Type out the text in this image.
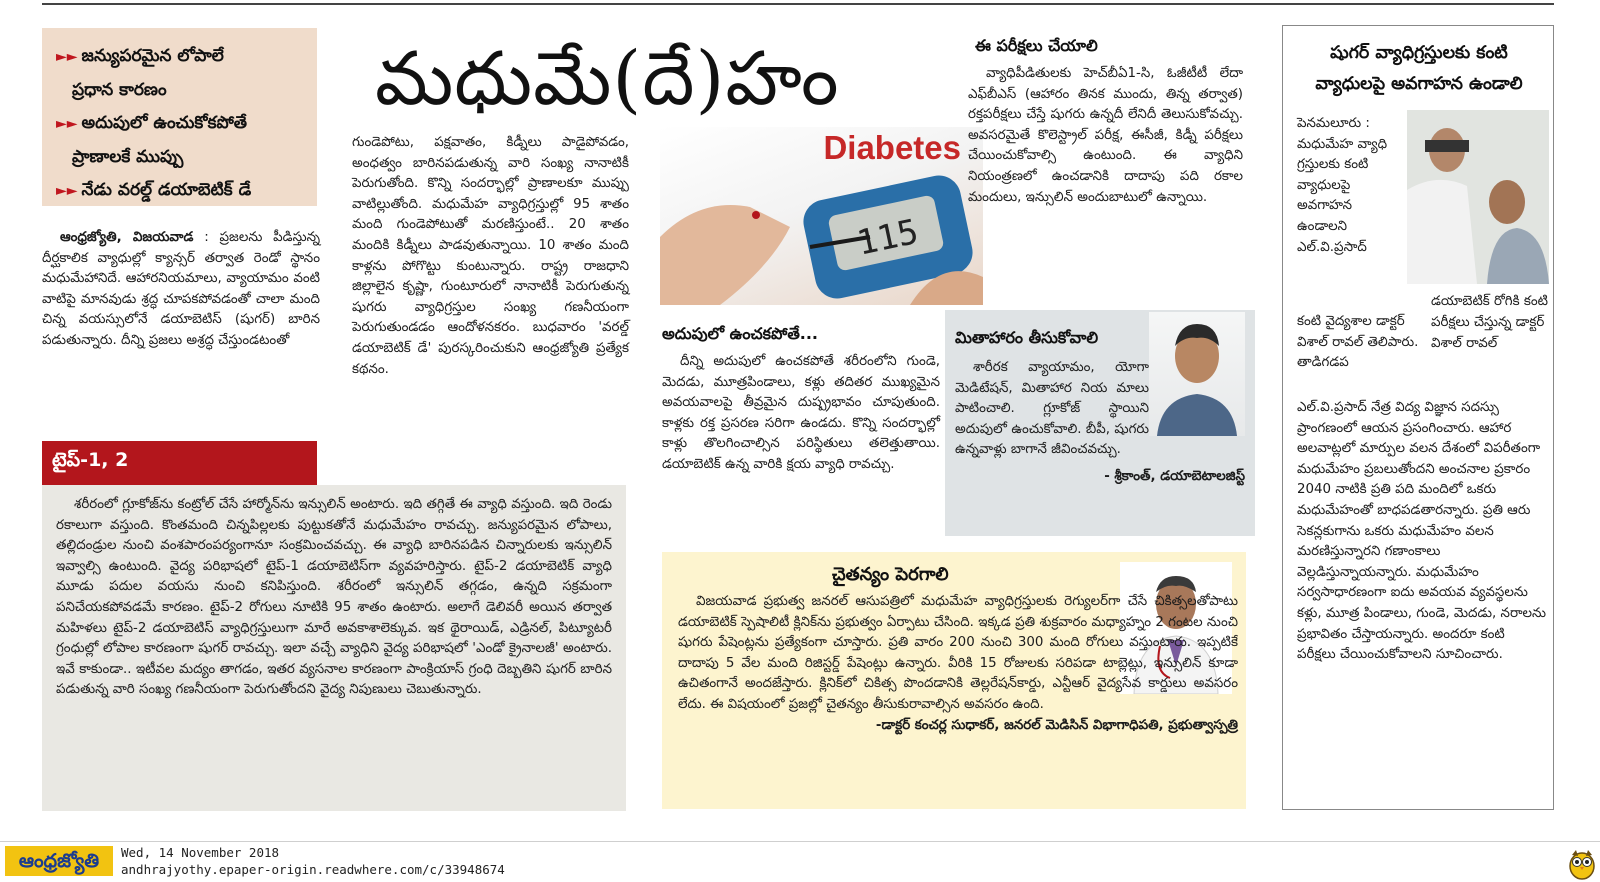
►► జన్యుపరమైన లోపాలే
ప్రధాన కారణం
►► అదుపులో ఉంచుకోకపోతే
ప్రాణాలకే ముప్పు
►► నేడు వరల్డ్ డయాబెటిక్ డే
మధుమే(దే)హం

ఆంధ్రజ్యోతి, విజయవాడ : ప్రజలను పీడిస్తున్న దీర్ఘకాలిక వ్యాధుల్లో క్యాన్సర్ తర్వాత రెండో స్థానం మధుమేహానిదే. ఆహారనియమాలు, వ్యాయామం వంటి వాటిపై మానవుడు శ్రద్ధ చూపకపోవడంతో చాలా మంది చిన్న వయస్సులోనే డయాబెటిస్ (షుగర్) బారిన పడుతున్నారు. దీన్ని ప్రజలు అశ్రద్ధ చేస్తుండటంతో

గుండెపోటు, పక్షవాతం, కిడ్నీలు పాడైపోవడం, అంధత్వం బారినపడుతున్న వారి సంఖ్య నానాటికీ పెరుగుతోంది. కొన్ని సందర్భాల్లో ప్రాణాలకూ ముప్పు వాటిల్లుతోంది. మధుమేహ వ్యాధిగ్రస్తుల్లో 95 శాతం మంది గుండెపోటుతో మరణిస్తుంటే.. 20 శాతం మందికి కిడ్నీలు పాడవుతున్నాయి. 10 శాతం మంది కాళ్లను పోగొట్టు కుంటున్నారు. రాష్ట్ర రాజధాని జిల్లాలైన కృష్ణా, గుంటూరులో నానాటికీ పెరుగుతున్న షుగరు వ్యాధిగ్రస్తుల సంఖ్య గణనీయంగా పెరుగుతుండడం ఆందోళనకరం. బుధవారం 'వరల్డ్ డయాబెటిక్ డే' పురస్కరించుకుని ఆంధ్రజ్యోతి ప్రత్యేక కథనం.
Diabetes
115
ఈ పరీక్షలు చేయాలి

వ్యాధిపీడితులకు హెచ్‌బీఏ1-సి, ఓజీటీటీ లేదా ఎఫ్‌బీఎస్ (ఆహారం తినక ముందు, తిన్న తర్వాత) రక్తపరీక్షలు చేస్తే షుగరు ఉన్నదీ లేనిదీ తెలుసుకోవచ్చు. అవసరమైతే కొలెస్ట్రాల్ పరీక్ష, ఈసీజీ, కిడ్నీ పరీక్షలు చేయించుకోవాల్సి ఉంటుంది. ఈ వ్యాధిని నియంత్రణలో ఉంచడానికి దాదాపు పది రకాల మందులు, ఇన్సులిన్ అందుబాటులో ఉన్నాయి.

టైప్-1, 2

శరీరంలో గ్లూకోజ్‌ను కంట్రోల్ చేసే హార్మోన్‌ను ఇన్సులిన్ అంటారు. ఇది తగ్గితే ఈ వ్యాధి వస్తుంది. ఇది రెండు రకాలుగా వస్తుంది. కొంతమంది చిన్నపిల్లలకు పుట్టుకతోనే మధుమేహం రావచ్చు. జన్యుపరమైన లోపాలు, తల్లిదండ్రుల నుంచి వంశపారంపర్యంగానూ సంక్రమించవచ్చు. ఈ వ్యాధి బారినపడిన చిన్నారులకు ఇన్సులిన్ ఇవ్వాల్సి ఉంటుంది. వైద్య పరిభాషలో టైప్-1 డయాబెటిస్‌గా వ్యవహరిస్తారు. టైప్-2 డయాబెటిక్ వ్యాధి మూడు పదుల వయసు నుంచి కనిపిస్తుంది. శరీరంలో ఇన్సులిన్ తగ్గడం, ఉన్నది సక్రమంగా పనిచేయకపోవడమే కారణం. టైప్-2 రోగులు నూటికి 95 శాతం ఉంటారు. అలాగే డెలివరీ అయిన తర్వాత మహిళలు టైప్-2 డయాబెటిస్ వ్యాధిగ్రస్తులుగా మారే అవకాశాలెక్కువ. ఇక థైరాయిడ్, ఎడ్రినల్, పిట్యూటరీ గ్రంధుల్లో లోపాల కారణంగా షుగర్ రావచ్చు. ఇలా వచ్చే వ్యాధిని వైద్య పరిభాషలో 'ఎండో క్రైనాలజీ' అంటారు. ఇవే కాకుండా.. ఇటీవల మద్యం తాగడం, ఇతర వ్యసనాల కారణంగా పాంక్రియాస్ గ్రంధి దెబ్బతిని షుగర్ బారిన పడుతున్న వారి సంఖ్య గణనీయంగా పెరుగుతోందని వైద్య నిపుణులు చెబుతున్నారు.

అదుపులో ఉంచకపోతే...

దీన్ని అదుపులో ఉంచకపోతే శరీరంలోని గుండె, మెదడు, మూత్రపిండాలు, కళ్లు తదితర ముఖ్యమైన అవయవాలపై తీవ్రమైన దుష్ప్రభావం చూపుతుంది. కాళ్లకు రక్త ప్రసరణ సరిగా ఉండదు. కొన్ని సందర్భాల్లో కాళ్లు తొలగించాల్సిన పరిస్థితులు తలెత్తుతాయి. డయాబెటిక్ ఉన్న వారికి క్షయ వ్యాధి రావచ్చు.

మితాహారం తీసుకోవాలి

శారీరక వ్యాయామం, యోగా మెడిటేషన్, మితాహార నియ మాలు పాటించాలి. గ్లూకోజ్ స్థాయిని అదుపులో ఉంచుకోవాలి. బీపీ, షుగరు ఉన్నవాళ్లు బాగానే జీవించవచ్చు.

- శ్రీకాంత్, డయాబెటాలజిస్ట్
చైతన్యం పెరగాలి

విజయవాడ ప్రభుత్వ జనరల్ ఆసుపత్రిలో మధుమేహ వ్యాధిగ్రస్తులకు రెగ్యులర్‌గా చేసే చికిత్సలతోపాటు డయాబెటిక్ స్పెషాలిటీ క్లినిక్‌ను ప్రభుత్వం ఏర్పాటు చేసింది. ఇక్కడ ప్రతి శుక్రవారం మధ్యాహ్నం 2 గంటల నుంచి షుగరు పేషెంట్లను ప్రత్యేకంగా చూస్తారు. ప్రతి వారం 200 నుంచి 300 మంది రోగులు వస్తుంటారు. ఇప్పటికే దాదాపు 5 వేల మంది రిజిస్టర్డ్ పేషెంట్లు ఉన్నారు. వీరికి 15 రోజులకు సరిపడా టాబ్లెట్లు, ఇన్సులిన్ కూడా ఉచితంగానే అందజేస్తారు. క్లినిక్‌లో చికిత్స పొందడానికి తెల్లరేషన్‌కార్డు, ఎన్టీఆర్ వైద్యసేవ కార్డులు అవసరం లేదు. ఈ విషయంలో ప్రజల్లో చైతన్యం తీసుకురావాల్సిన అవసరం ఉంది.

-డాక్టర్ కంచర్ల సుధాకర్, జనరల్ మెడిసిన్ విభాగాధిపతి, ప్రభుత్వాస్పత్రి
షుగర్ వ్యాధిగ్రస్తులకు కంటి వ్యాధులపై అవగాహన ఉండాలి
పెనమలూరు : మధుమేహ వ్యాధి గ్రస్తులకు కంటి వ్యాధులపై అవగాహన ఉండాలని ఎల్.వి.ప్రసాద్
డయాబెటిక్ రోగికి కంటి పరీక్షలు చేస్తున్న డాక్టర్ విశాల్ రావల్
కంటి వైద్యశాల డాక్టర్ విశాల్ రావల్ తెలిపారు. తాడిగడప
ఎల్.వి.ప్రసాద్ నేత్ర విద్య విజ్ఞాన సదస్సు ప్రాంగణంలో ఆయన ప్రసంగించారు. ఆహార అలవాట్లలో మార్పుల వలన దేశంలో విపరీతంగా మధుమేహం ప్రబలుతోందని అంచనాల ప్రకారం 2040 నాటికి ప్రతి పది మందిలో ఒకరు మధుమేహంతో బాధపడతారన్నారు. ప్రతి ఆరు సెకన్లకుగాను ఒకరు మధుమేహం వలన మరణిస్తున్నారని గణాంకాలు వెల్లడిస్తున్నాయన్నారు. మధుమేహం సర్వసాధారణంగా ఐదు అవయవ వ్యవస్థలను కళ్లు, మూత్ర పిండాలు, గుండె, మెదడు, నరాలను ప్రభావితం చేస్తాయన్నారు. అందరూ కంటి పరీక్షలు చేయించుకోవాలని సూచించారు.
ఆంధ్రజ్యోతి	Wed, 14 November 2018
andhrajyothy.epaper-origin.readwhere.com/c/33948674
